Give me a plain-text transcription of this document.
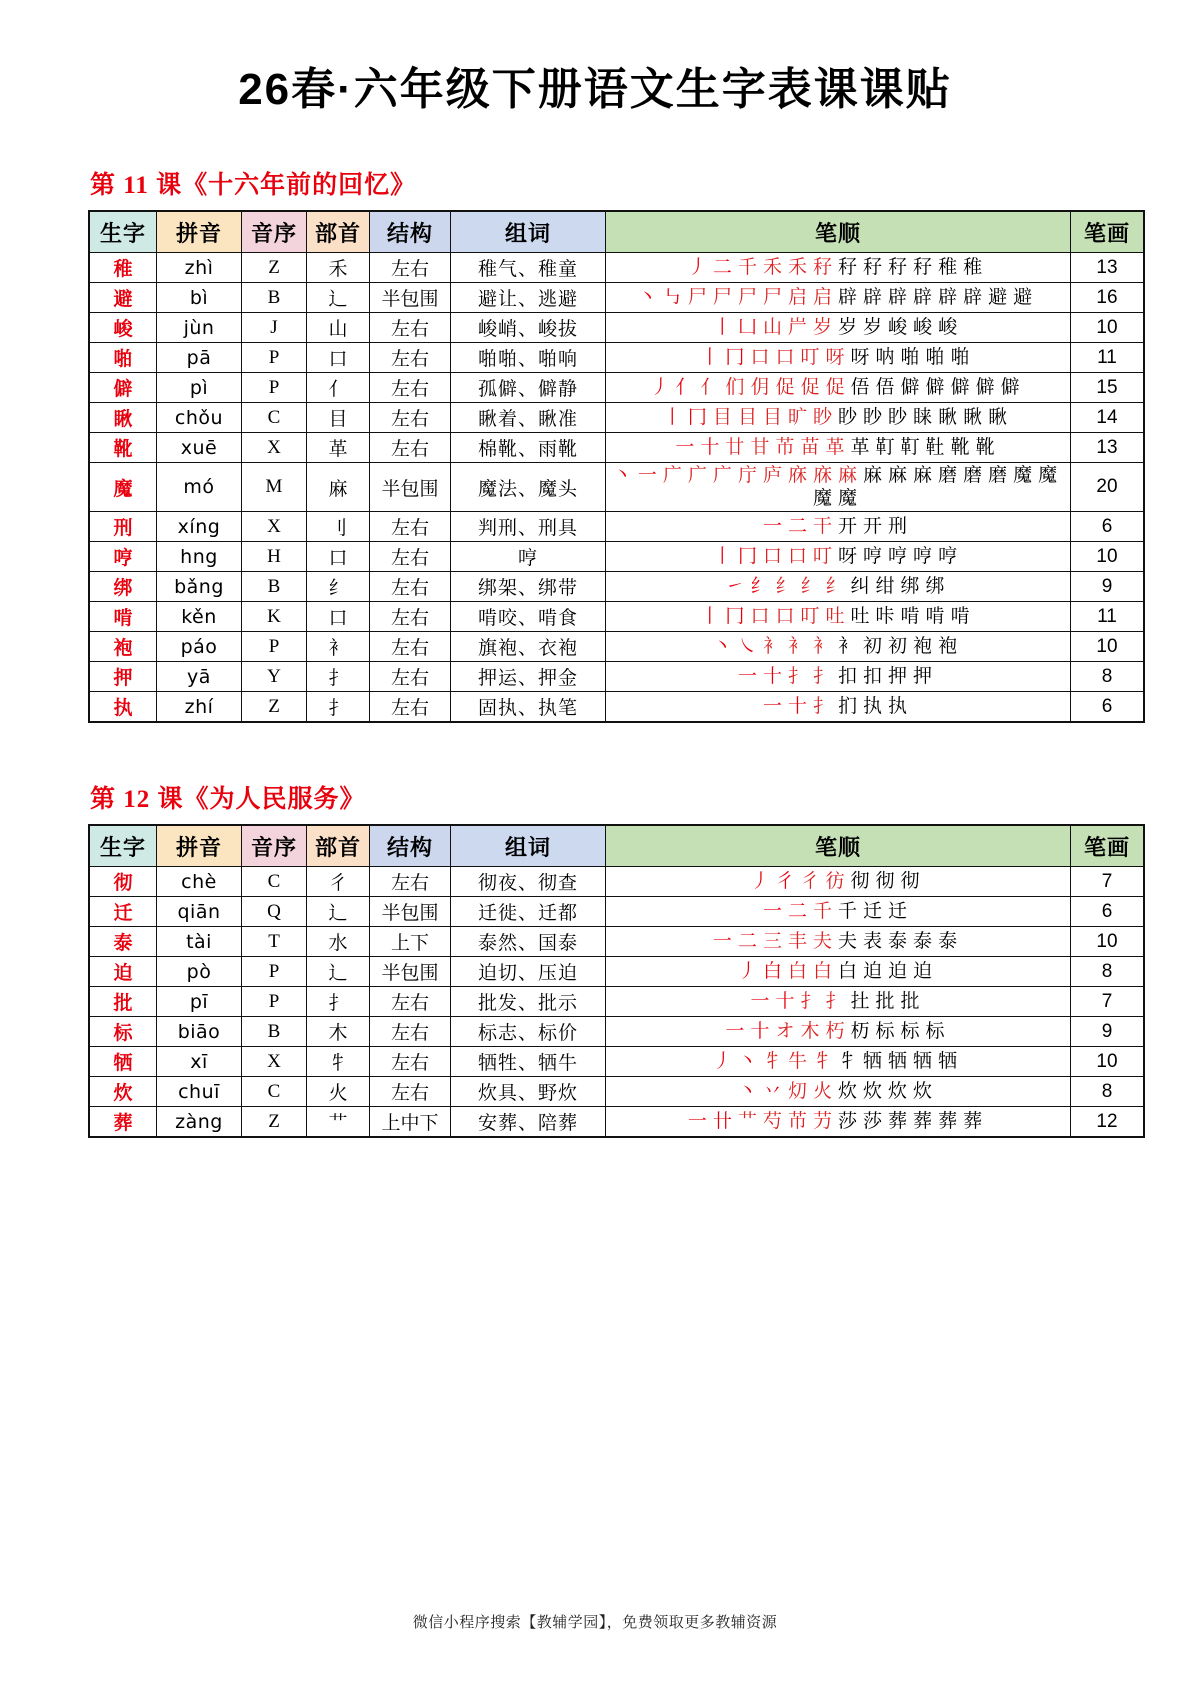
26春·六年级下册语文生字表课课贴
第 11 课《十六年前的回忆》
生字	拼音	音序	部首	结构	组词	笔顺	笔画
稚	zhì	Z	禾	左右	稚气、稚童	丿 二 千 禾 禾 秄 秄 秄 秄 秄 稚 稚	13
避	bì	B	辶	半包围	避让、逃避	丶 ㇉ 尸 尸 尸 尸 启 启 辟 辟 辟 辟 辟 辟 避 避	16
峻	jùn	J	山	左右	峻峭、峻拔	丨 凵 山 屵 岁 岁 岁 峻 峻 峻	10
啪	pā	P	口	左右	啪啪、啪响	丨 冂 口 口 叮 呀 呀 呐 啪 啪 啪	11
僻	pì	P	亻	左右	孤僻、僻静	丿 亻 亻 们 仴 促 促 促 俉 俉 僻 僻 僻 僻 僻	15
瞅	chǒu	C	目	左右	瞅着、瞅准	丨 冂 目 目 目 旷 眇 眇 眇 眇 睐 瞅 瞅 瞅	14
靴	xuē	X	革	左右	棉靴、雨靴	一 十 廿 甘 芇 苗 革 革 靪 靪 靯 靴 靴	13
魔	mó	M	麻	半包围	魔法、魔头	丶 一 广 广 广 庁 庐 庥 庥 麻 麻 麻 麻 磨 磨 磨 魔 魔魔 魔	20
刑	xíng	X	刂	左右	判刑、刑具	一 二 干 开 开 刑	6
哼	hng	H	口	左右	哼	丨 冂 口 口 叮 呀 哼 哼 哼 哼	10
绑	bǎng	B	纟	左右	绑架、绑带	㇀ 纟 纟 纟 纟 纠 绀 绑 绑	9
啃	kěn	K	口	左右	啃咬、啃食	丨 冂 口 口 叮 吐 吐 咔 啃 啃 啃	11
袍	páo	P	衤	左右	旗袍、衣袍	丶 ㇏ 衤 衤 衤 衤 初 初 袍 袍	10
押	yā	Y	扌	左右	押运、押金	一 十 扌 扌 扣 扣 押 押	8
执	zhí	Z	扌	左右	固执、执笔	一 十 扌 扪 执 执	6
第 12 课《为人民服务》
生字	拼音	音序	部首	结构	组词	笔顺	笔画
彻	chè	C	彳	左右	彻夜、彻查	丿 彳 彳 彷 彻 彻 彻	7
迁	qiān	Q	辶	半包围	迁徙、迁都	一 二 千 千 迁 迁	6
泰	tài	T	水	上下	泰然、国泰	一 二 三 丰 夫 夫 表 泰 泰 泰	10
迫	pò	P	辶	半包围	迫切、压迫	丿 白 白 白 白 迫 迫 迫	8
批	pī	P	扌	左右	批发、批示	一 十 扌 扌 扗 批 批	7
标	biāo	B	木	左右	标志、标价	一 十 オ 木 朽 杤 标 标 标	9
牺	xī	X	牜	左右	牺牲、牺牛	丿 丶 牜 牛 牜 牜 牺 牺 牺 牺	10
炊	chuī	C	火	左右	炊具、野炊	丶 丷 灱 火 炊 炊 炊 炊	8
葬	zàng	Z	艹	上中下	安葬、陪葬	一 卄 艹 芍 芇 芀 莎 莎 葬 葬 葬 葬	12
微信小程序搜索【教辅学园】，免费领取更多教辅资源
